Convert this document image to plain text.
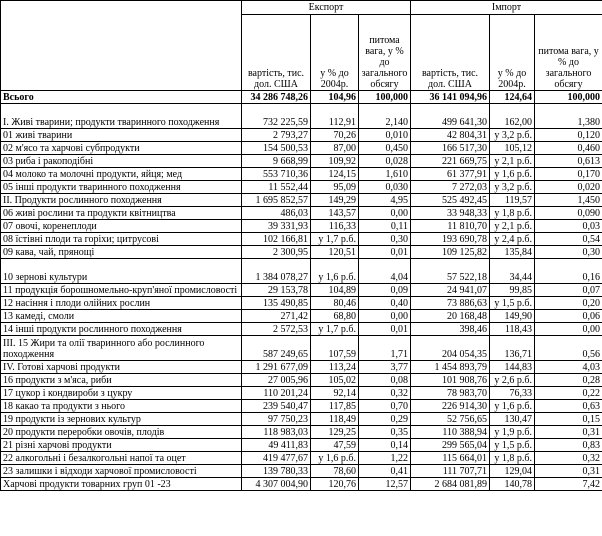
	Експорт			Імпорт		
	вартість, тис. дол. США	у % до 2004р.	питома вага, у % до загального обсягу	вартість, тис. дол. США	у % до 2004р.	питома вага, у % до загального обсягу
Всього	34 286 748,26	104,96	100,000	36 141 094,96	124,64	100,000
I. Живі тварини; продукти тваринного походження	732 225,59	112,91	2,140	499 641,30	162,00	1,380
01 живі тварини	2 793,27	70,26	0,010	42 804,31	у 3,2 р.б.	0,120
02 м'ясо та харчові субпродукти	154 500,53	87,00	0,450	166 517,30	105,12	0,460
03 риба і ракоподібні	9 668,99	109,92	0,028	221 669,75	у 2,1 р.б.	0,613
04 молоко та молочні продукти, яйця; мед	553 710,36	124,15	1,610	61 377,91	у 1,6 р.б.	0,170
05 інші продукти тваринного походження	11 552,44	95,09	0,030	7 272,03	у 3,2 р.б.	0,020
II. Продукти рослинного походження	1 695 852,57	149,29	4,95	525 492,45	119,57	1,450
06 живі рослини та продукти квітництва	486,03	143,57	0,00	33 948,33	у 1,8 р.б.	0,090
07 овочі, коренеплоди	39 331,93	116,33	0,11	11 810,70	у 2,1 р.б.	0,03
08 їстівні плоди та горіхи; цитрусові	102 166,81	у 1,7 р.б.	0,30	193 690,78	у 2,4 р.б.	0,54
09 кава, чай, прянощі	2 300,95	120,51	0,01	109 125,82	135,84	0,30
10 зернові культури	1 384 078,27	у 1,6 р.б.	4,04	57 522,18	34,44	0,16
11 продукція борошномельно-круп'яної промисловості	29 153,78	104,89	0,09	24 941,07	99,85	0,07
12 насіння і плоди олійних рослин	135 490,85	80,46	0,40	73 886,63	у 1,5 р.б.	0,20
13 камеді, смоли	271,42	68,80	0,00	20 168,48	149,90	0,06
14 інші продукти рослинного походження	2 572,53	у 1,7 р.б.	0,01	398,46	118,43	0,00
III. 15 Жири та олії тваринного або рослинного походження	587 249,65	107,59	1,71	204 054,35	136,71	0,56
IV. Готові харчові продукти	1 291 677,09	113,24	3,77	1 454 893,79	144,83	4,03
16 продукти з м'яса, риби	27 005,96	105,02	0,08	101 908,76	у 2,6 р.б.	0,28
17 цукор і кондвироби з цукру	110 201,24	92,14	0,32	78 983,70	76,33	0,22
18 какао та продукти з нього	239 540,47	117,85	0,70	226 914,30	у 1,6 р.б.	0,63
19 продукти із зернових культур	97 750,23	118,49	0,29	52 756,65	130,47	0,15
20 продукти переробки овочів, плодів	118 983,03	129,25	0,35	110 388,94	у 1,9 р.б.	0,31
21 різні харчові продукти	49 411,83	47,59	0,14	299 565,04	у 1,5 р.б.	0,83
22 алкогольні і безалкогольні напої та оцет	419 477,67	у 1,6 р.б.	1,22	115 664,01	у 1,8 р.б.	0,32
23 залишки і відходи харчової промисловості	139 780,33	78,60	0,41	111 707,71	129,04	0,31
Харчові продукти товарних груп 01 -23	4 307 004,90	120,76	12,57	2 684 081,89	140,78	7,42
